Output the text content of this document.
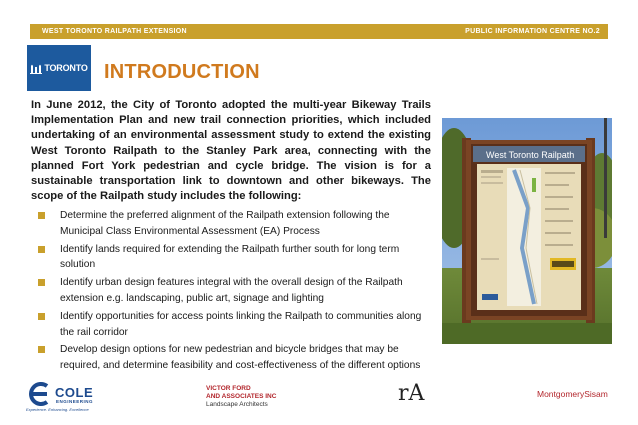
WEST TORONTO RAILPATH EXTENSION	PUBLIC INFORMATION CENTRE NO.2
TORONTO INTRODUCTION

In June 2012, the City of Toronto adopted the multi-year Bikeway Trails Implementation Plan and new trail connection priorities, which included undertaking of an environmental assessment study to extend the existing West Toronto Railpath to the Stanley Park area, connecting with the planned Fort York pedestrian and cycle bridge. The vision is for a sustainable transportation link to downtown and other bikeways. The scope of the Railpath study includes the following:

Determine the preferred alignment of the Railpath extension following the Municipal Class Environmental Assessment (EA) Process
Identify lands required for extending the Railpath further south for long term solution
Identify urban design features integral with the overall design of the Railpath extension e.g. landscaping, public art, signage and lighting
Identify opportunities for access points linking the Railpath to communities along the rail corridor
Develop design options for new pedestrian and bicycle bridges that may be required, and determine feasibility and cost-effectiveness of the different options
West Toronto Railpath
COLE
ENGINEERING
Experience. Enhancing. Excellence
VICTOR FORD
AND ASSOCIATES INC
Landscape Architects	rA	MontgomerySisam
